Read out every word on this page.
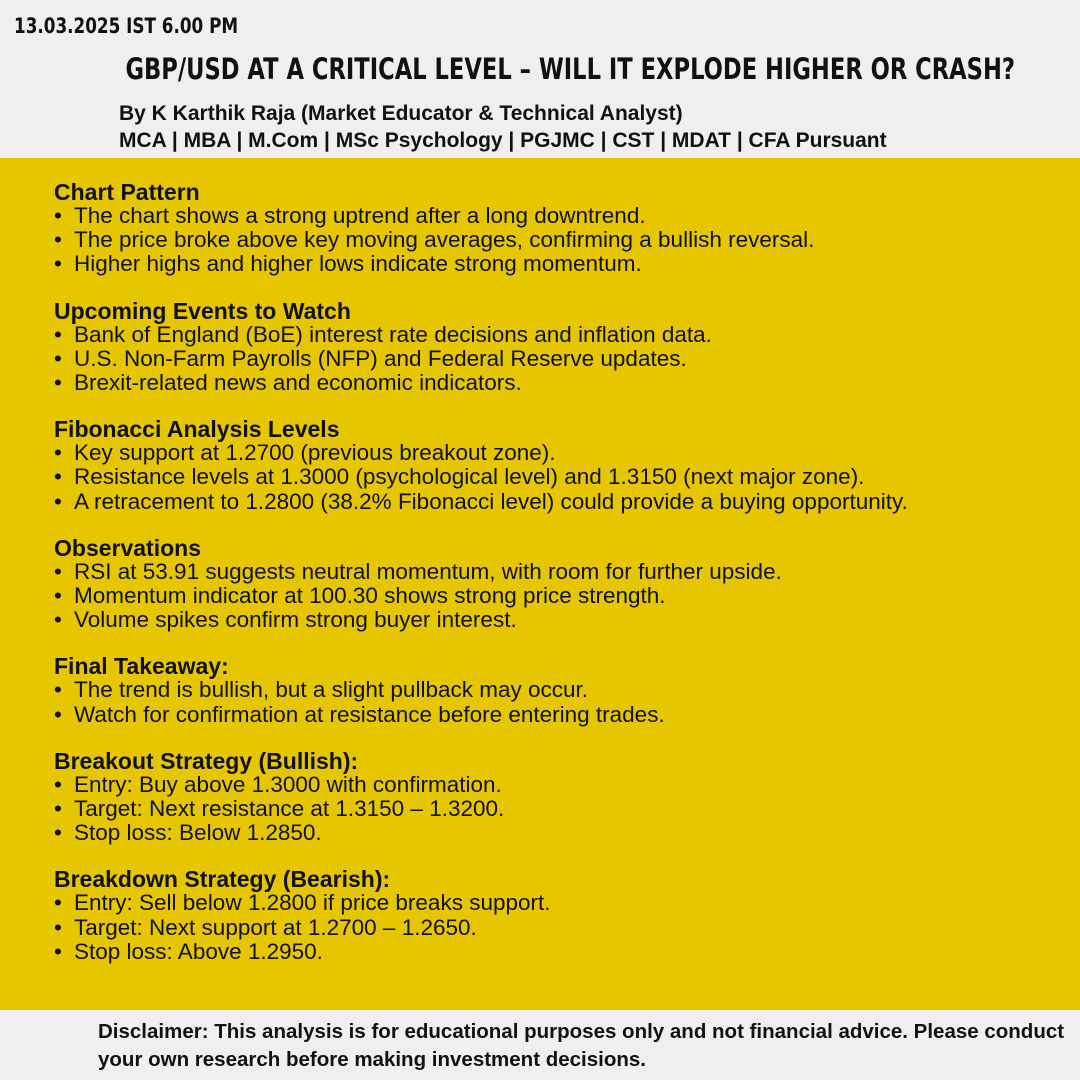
13.03.2025 IST 6.00 PM
GBP/USD AT A CRITICAL LEVEL – WILL IT EXPLODE HIGHER OR CRASH?
By K Karthik Raja (Market Educator & Technical Analyst)
MCA | MBA | M.Com | MSc Psychology | PGJMC | CST | MDAT | CFA Pursuant
Chart Pattern
• The chart shows a strong uptrend after a long downtrend.
• The price broke above key moving averages, confirming a bullish reversal.
• Higher highs and higher lows indicate strong momentum.
Upcoming Events to Watch
• Bank of England (BoE) interest rate decisions and inflation data.
• U.S. Non-Farm Payrolls (NFP) and Federal Reserve updates.
• Brexit-related news and economic indicators.
Fibonacci Analysis Levels
• Key support at 1.2700 (previous breakout zone).
• Resistance levels at 1.3000 (psychological level) and 1.3150 (next major zone).
• A retracement to 1.2800 (38.2% Fibonacci level) could provide a buying opportunity.
Observations
• RSI at 53.91 suggests neutral momentum, with room for further upside.
• Momentum indicator at 100.30 shows strong price strength.
• Volume spikes confirm strong buyer interest.
Final Takeaway:
• The trend is bullish, but a slight pullback may occur.
• Watch for confirmation at resistance before entering trades.
Breakout Strategy (Bullish):
• Entry: Buy above 1.3000 with confirmation.
• Target: Next resistance at 1.3150 – 1.3200.
• Stop loss: Below 1.2850.
Breakdown Strategy (Bearish):
• Entry: Sell below 1.2800 if price breaks support.
• Target: Next support at 1.2700 – 1.2650.
• Stop loss: Above 1.2950.
Disclaimer: This analysis is for educational purposes only and not financial advice. Please conduct your own research before making investment decisions.
